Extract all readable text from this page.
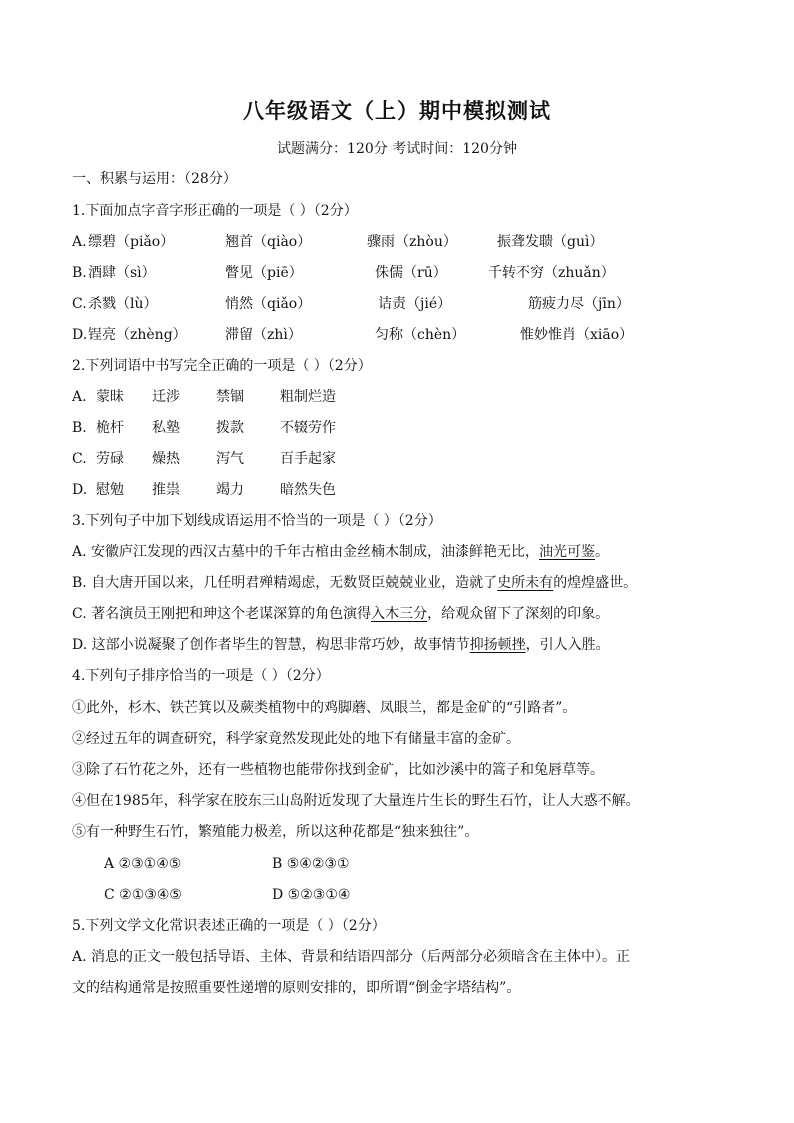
八年级语文（上）期中模拟测试
试题满分：120分 考试时间：120分钟
一、积累与运用：（28分）
1.下面加点字音字形正确的一项是（ ）（2分）
A. 缥碧（piǎo）	翘首（qiào）	骤雨（zhòu）	振聋发聩（guì）
B. 酒肆（sì）	瞥见（piē）	侏儒（rū）	千转不穷（zhuǎn）
C. 杀戮（lù）	悄然（qiǎo）	诘责（jié）	筋疲力尽（jīn）
D. 锃亮（zhèng）	滞留（zhì）	匀称（chèn）	惟妙惟肖（xiāo）
2.下列词语中书写完全正确的一项是（ ）（2分）
A. 蒙昧 迁涉	禁锢	粗制烂造
B. 桅杆 私塾	拨款	不辍劳作
C. 劳碌 燥热	泻气	百手起家
D. 慰勉 推祟	竭力	暗然失色
3.下列句子中加下划线成语运用不恰当的一项是（ ）（2分）
A. 安徽庐江发现的西汉古墓中的千年古棺由金丝楠木制成，油漆鲜艳无比，油光可鉴。
B. 自大唐开国以来，几任明君殚精竭虑，无数贤臣兢兢业业，造就了史所未有的煌煌盛世。
C. 著名演员王刚把和珅这个老谋深算的角色演得入木三分，给观众留下了深刻的印象。
D. 这部小说凝聚了创作者毕生的智慧，构思非常巧妙，故事情节抑扬顿挫，引人入胜。
4.下列句子排序恰当的一项是（ ）（2分）
①此外，杉木、铁芒箕以及蕨类植物中的鸡脚蘑、凤眼兰，都是金矿的“引路者”。
②经过五年的调查研究，科学家竟然发现此处的地下有储量丰富的金矿。
③除了石竹花之外，还有一些植物也能带你找到金矿，比如沙溪中的篙子和兔唇草等。
④但在1985年，科学家在胶东三山岛附近发现了大量连片生长的野生石竹，让人大惑不解。
⑤有一种野生石竹，繁殖能力极差，所以这种花都是“独来独往”。
A ②③①④⑤	B ⑤④②③①
C ②①③④⑤	D ⑤②③①④
5.下列文学文化常识表述正确的一项是（ ）（2分）
A. 消息的正文一般包括导语、主体、背景和结语四部分（后两部分必须暗含在主体中）。正
文的结构通常是按照重要性递增的原则安排的，即所谓“倒金字塔结构”。
